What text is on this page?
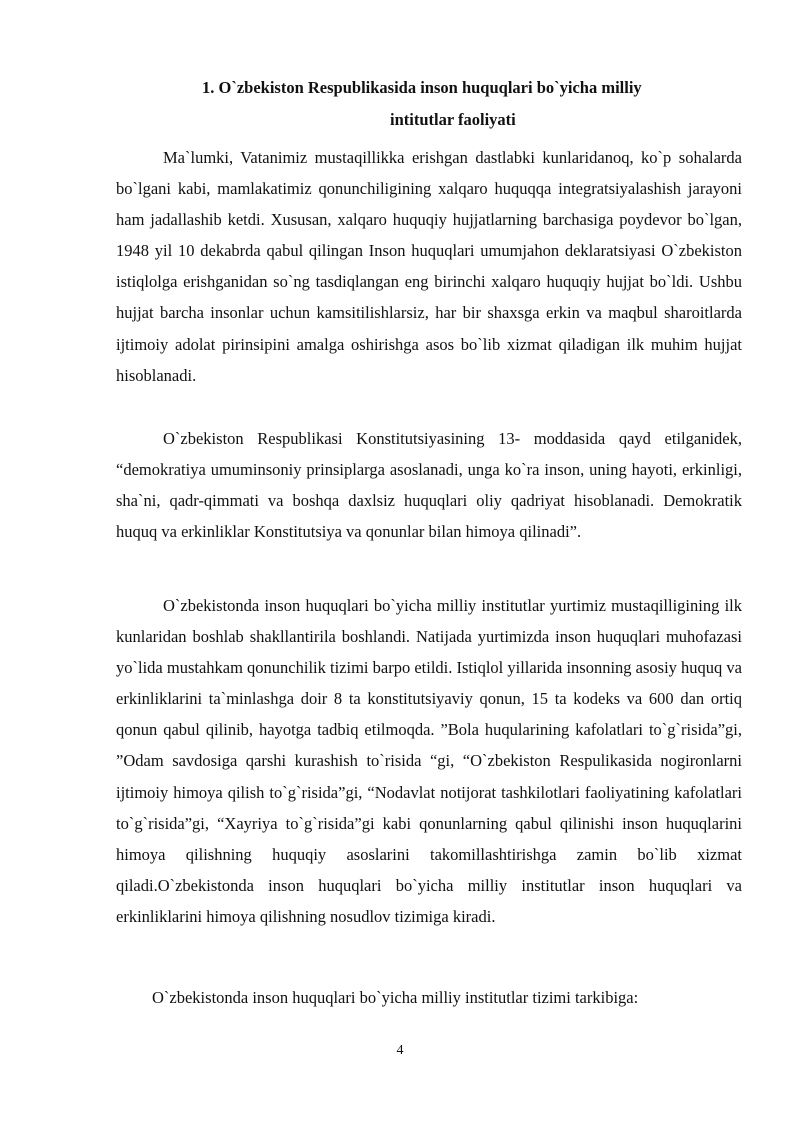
1. O`zbekiston Respublikasida inson huquqlari bo`yicha milliy
intitutlar faoliyati

Ma`lumki, Vatanimiz mustaqillikka erishgan dastlabki kunlaridanoq, ko`p sohalarda bo`lgani kabi, mamlakatimiz qonunchiligining xalqaro huquqqa integratsiyalashish jarayoni ham jadallashib ketdi. Xususan, xalqaro huquqiy hujjatlarning barchasiga poydevor bo`lgan, 1948 yil 10 dekabrda qabul qilingan Inson huquqlari umumjahon deklaratsiyasi O`zbekiston istiqlolga erishganidan so`ng tasdiqlangan eng birinchi xalqaro huquqiy hujjat bo`ldi. Ushbu hujjat barcha insonlar uchun kamsitilishlarsiz, har bir shaxsga erkin va maqbul sharoitlarda ijtimoiy adolat pirinsipini amalga oshirishga asos bo`lib xizmat qiladigan ilk muhim hujjat hisoblanadi.

O`zbekiston Respublikasi Konstitutsiyasining 13- moddasida qayd etilganidek, “demokratiya umuminsoniy prinsiplarga asoslanadi, unga ko`ra inson, uning hayoti, erkinligi, sha`ni, qadr-qimmati va boshqa daxlsiz huquqlari oliy qadriyat hisoblanadi. Demokratik huquq va erkinliklar Konstitutsiya va qonunlar bilan himoya qilinadi”.

O`zbekistonda inson huquqlari bo`yicha milliy institutlar yurtimiz mustaqilligining ilk kunlaridan boshlab shakllantirila boshlandi. Natijada yurtimizda inson huquqlari muhofazasi yo`lida mustahkam qonunchilik tizimi barpo etildi. Istiqlol yillarida insonning asosiy huquq va erkinliklarini ta`minlashga doir 8 ta konstitutsiyaviy qonun, 15 ta kodeks va 600 dan ortiq qonun qabul qilinib, hayotga tadbiq etilmoqda. ”Bola huqularining kafolatlari to`g`risida”gi, ”Odam savdosiga qarshi kurashish to`risida “gi, “O`zbekiston Respulikasida nogironlarni ijtimoiy himoya qilish to`g`risida”gi, “Nodavlat notijorat tashkilotlari faoliyatining kafolatlari to`g`risida”gi, “Xayriya to`g`risida”gi kabi qonunlarning qabul qilinishi inson huquqlarini himoya qilishning huquqiy asoslarini takomillashtirishga zamin bo`lib xizmat qiladi.O`zbekistonda inson huquqlari bo`yicha milliy institutlar inson huquqlari va erkinliklarini himoya qilishning nosudlov tizimiga kiradi.

O`zbekistonda inson huquqlari bo`yicha milliy institutlar tizimi tarkibiga:
4
